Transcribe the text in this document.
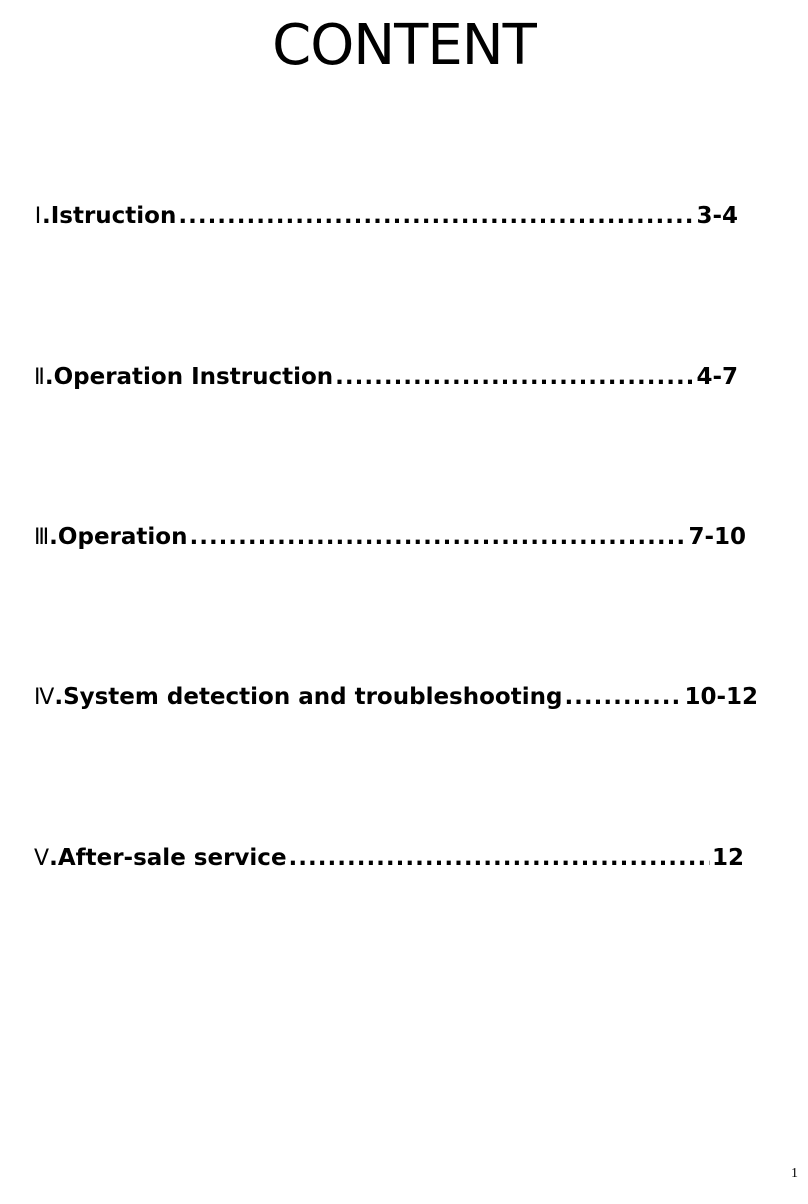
CONTENT
Ⅰ . Istruction .....	3-4
Ⅱ . Operation Instruction .....	4-7
Ⅲ . Operation .....	7-10
Ⅳ . System detection and troubleshooting .....	10-12
Ⅴ . After-sale service .....	12
1
